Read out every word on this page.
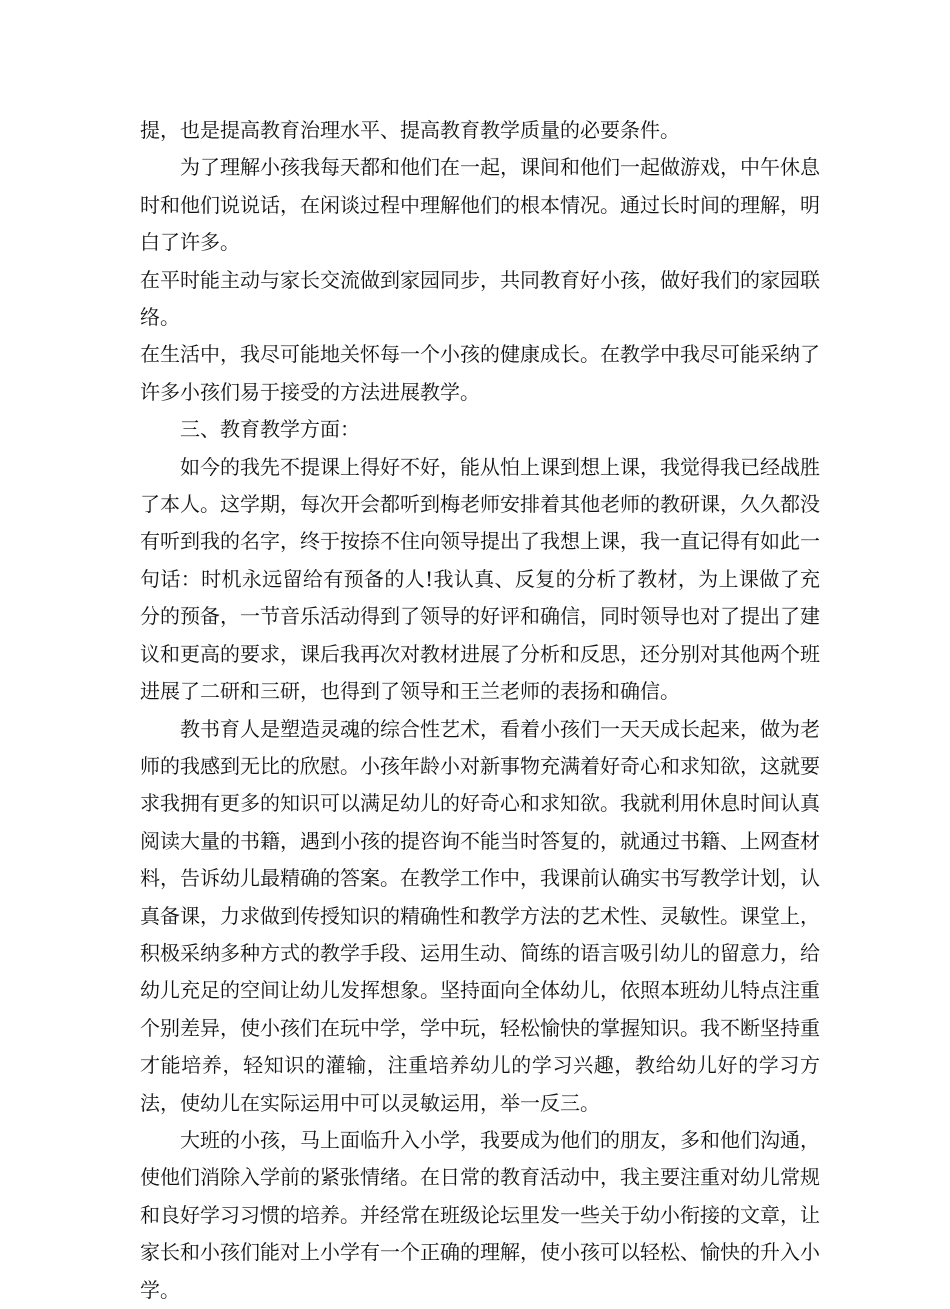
提，也是提高教育治理水平、提高教育教学质量的必要条件。

为了理解小孩我每天都和他们在一起，课间和他们一起做游戏，中午休息时和他们说说话，在闲谈过程中理解他们的根本情况。通过长时间的理解，明白了许多。

在平时能主动与家长交流做到家园同步，共同教育好小孩，做好我们的家园联络。

在生活中，我尽可能地关怀每一个小孩的健康成长。在教学中我尽可能采纳了许多小孩们易于接受的方法进展教学。

三、教育教学方面：

如今的我先不提课上得好不好，能从怕上课到想上课，我觉得我已经战胜了本人。这学期，每次开会都听到梅老师安排着其他老师的教研课，久久都没有听到我的名字，终于按捺不住向领导提出了我想上课，我一直记得有如此一句话：时机永远留给有预备的人!我认真、反复的分析了教材，为上课做了充分的预备，一节音乐活动得到了领导的好评和确信，同时领导也对了提出了建议和更高的要求，课后我再次对教材进展了分析和反思，还分别对其他两个班进展了二研和三研，也得到了领导和王兰老师的表扬和确信。

教书育人是塑造灵魂的综合性艺术，看着小孩们一天天成长起来，做为老师的我感到无比的欣慰。小孩年龄小对新事物充满着好奇心和求知欲，这就要求我拥有更多的知识可以满足幼儿的好奇心和求知欲。我就利用休息时间认真阅读大量的书籍，遇到小孩的提咨询不能当时答复的，就通过书籍、上网查材料，告诉幼儿最精确的答案。在教学工作中，我课前认确实书写教学计划，认真备课，力求做到传授知识的精确性和教学方法的艺术性、灵敏性。课堂上，积极采纳多种方式的教学手段、运用生动、简练的语言吸引幼儿的留意力，给幼儿充足的空间让幼儿发挥想象。坚持面向全体幼儿，依照本班幼儿特点注重个别差异，使小孩们在玩中学，学中玩，轻松愉快的掌握知识。我不断坚持重才能培养，轻知识的灌输，注重培养幼儿的学习兴趣，教给幼儿好的学习方法，使幼儿在实际运用中可以灵敏运用，举一反三。

大班的小孩，马上面临升入小学，我要成为他们的朋友，多和他们沟通，使他们消除入学前的紧张情绪。在日常的教育活动中，我主要注重对幼儿常规和良好学习习惯的培养。并经常在班级论坛里发一些关于幼小衔接的文章，让家长和小孩们能对上小学有一个正确的理解，使小孩可以轻松、愉快的升入小学。
